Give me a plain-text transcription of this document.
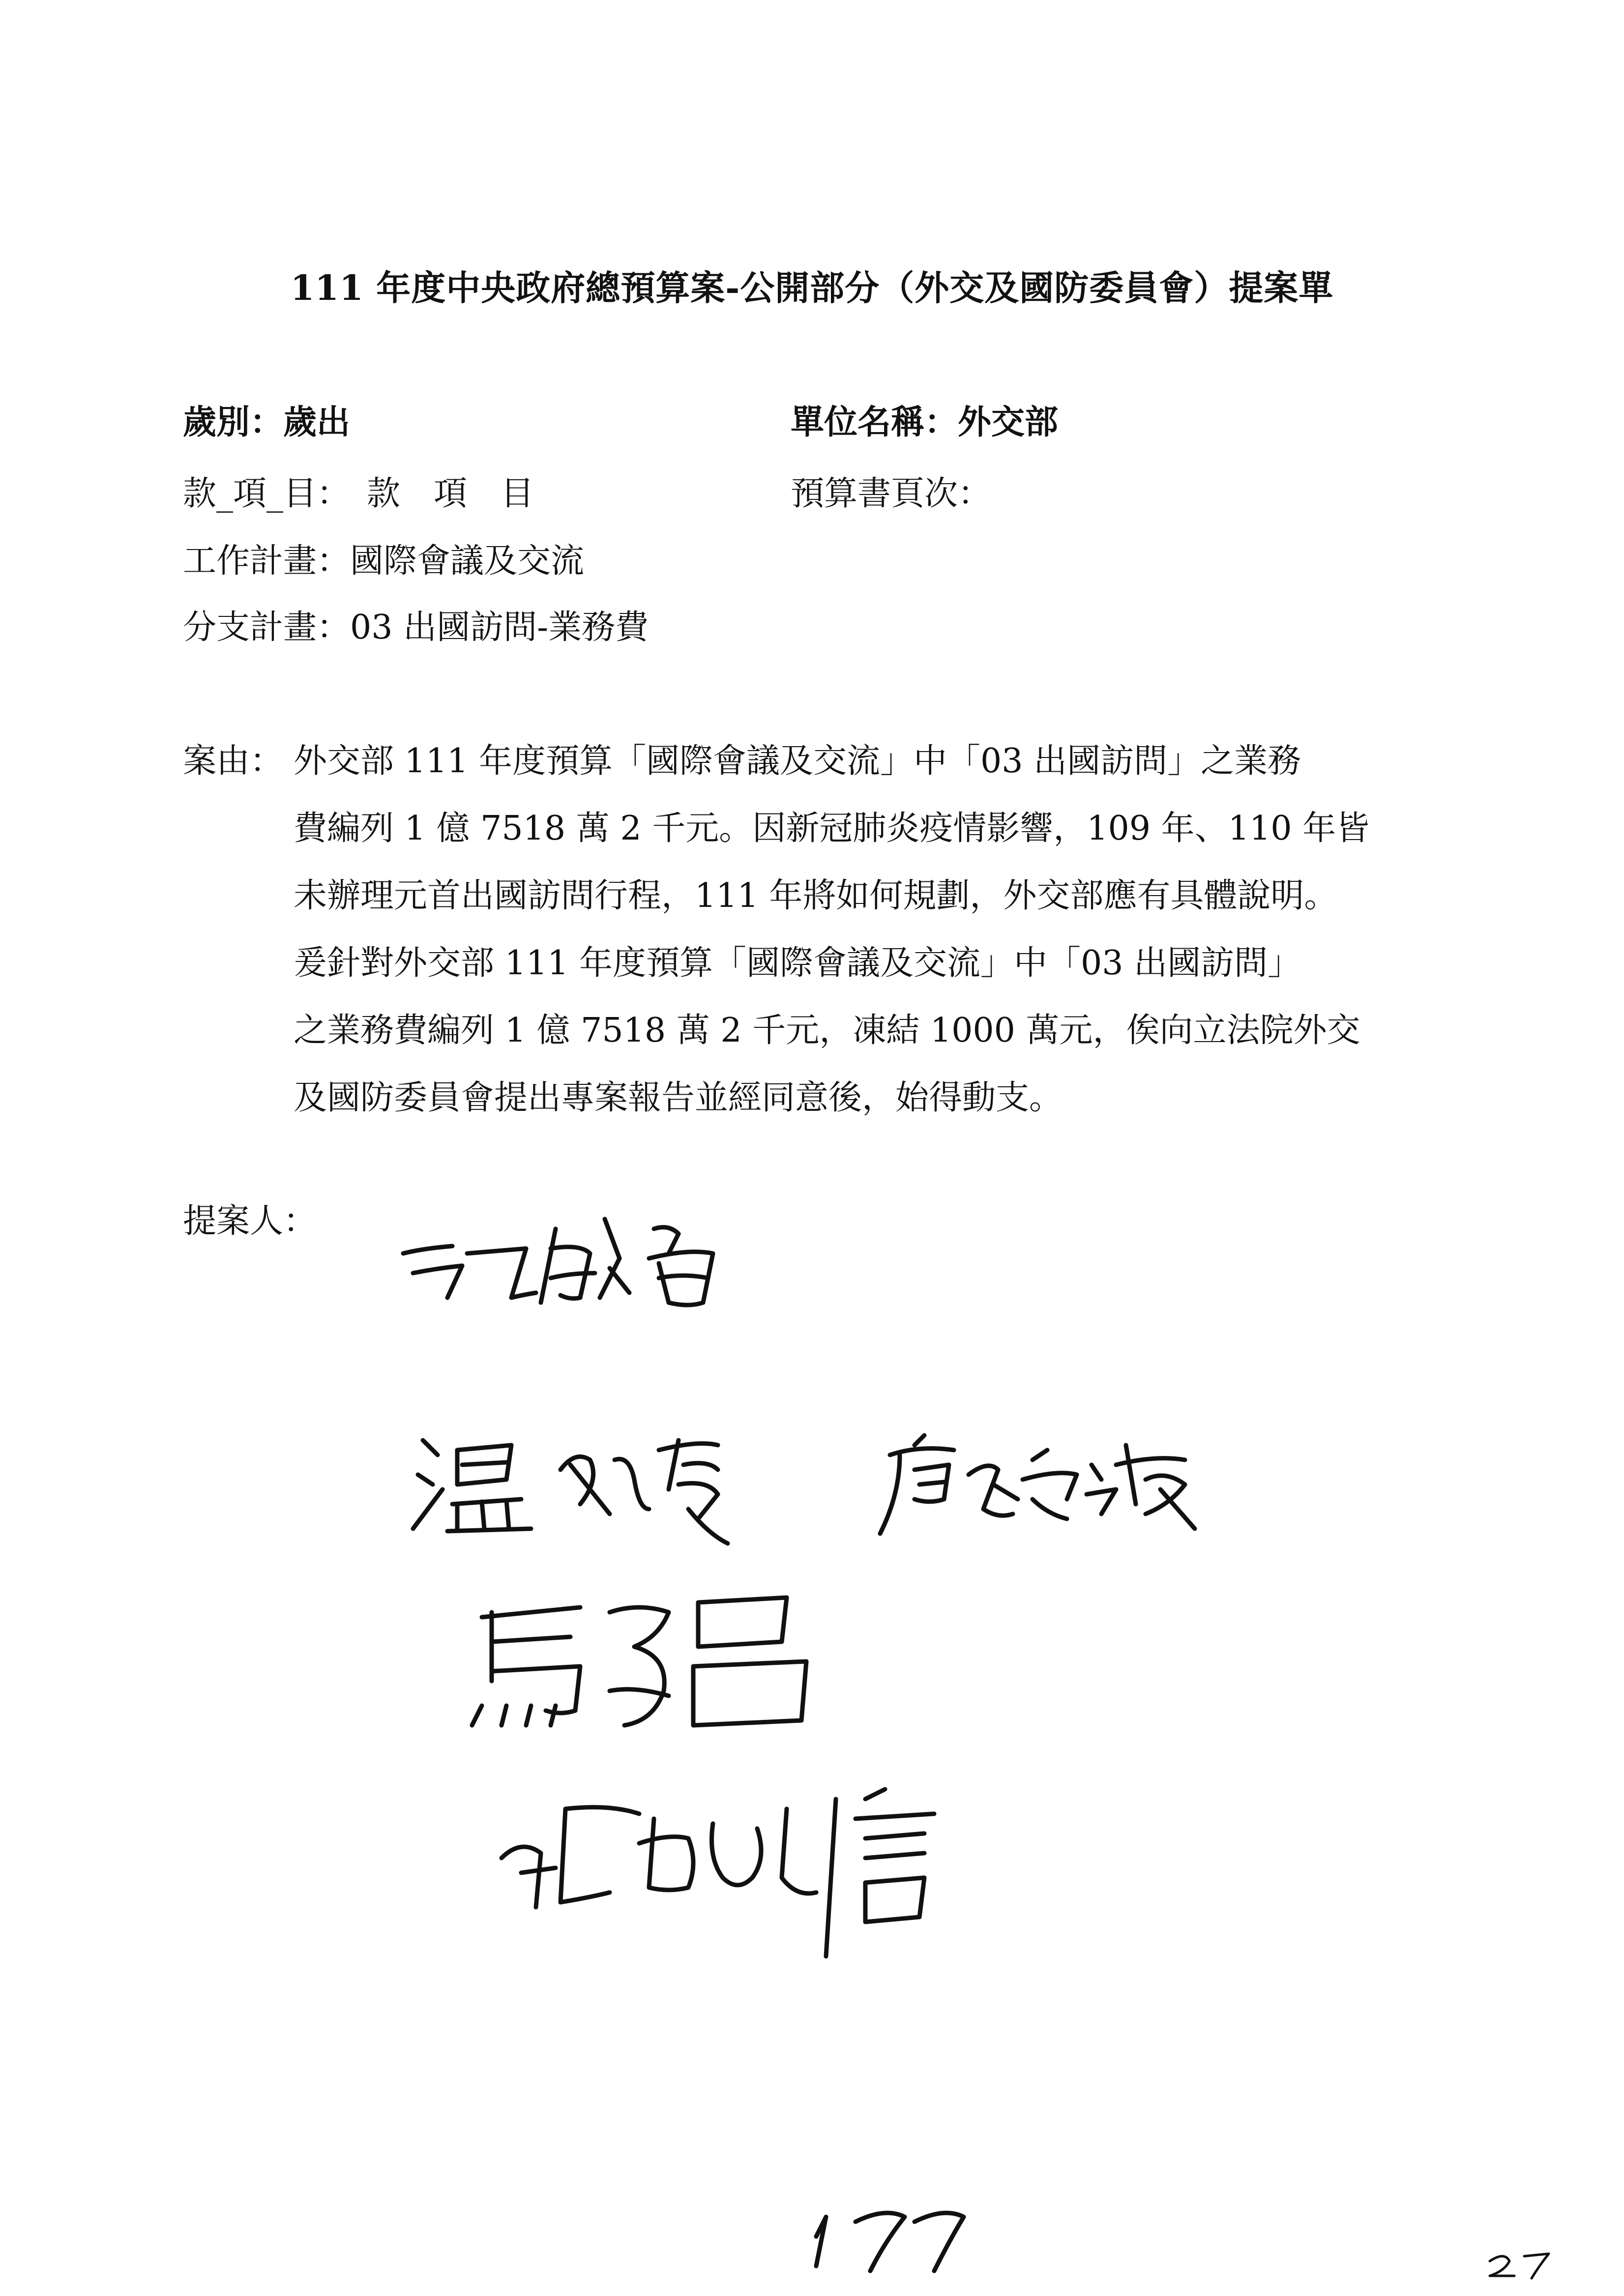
111 年度中央政府總預算案-公開部分（外交及國防委員會）提案單
歲別：歲出	單位名稱：外交部
款_項_目：　款　項　目	預算書頁次：
工作計畫：國際會議及交流
分支計畫：03 出國訪問-業務費
案由： 外交部 111 年度預算「國際會議及交流」中「03 出國訪問」之業務
費編列 1 億 7518 萬 2 千元。因新冠肺炎疫情影響，109 年、110 年皆
未辦理元首出國訪問行程，111 年將如何規劃，外交部應有具體說明。
爰針對外交部 111 年度預算「國際會議及交流」中「03 出國訪問」
之業務費編列 1 億 7518 萬 2 千元，凍結 1000 萬元，俟向立法院外交
及國防委員會提出專案報告並經同意後，始得動支。
提案人：
